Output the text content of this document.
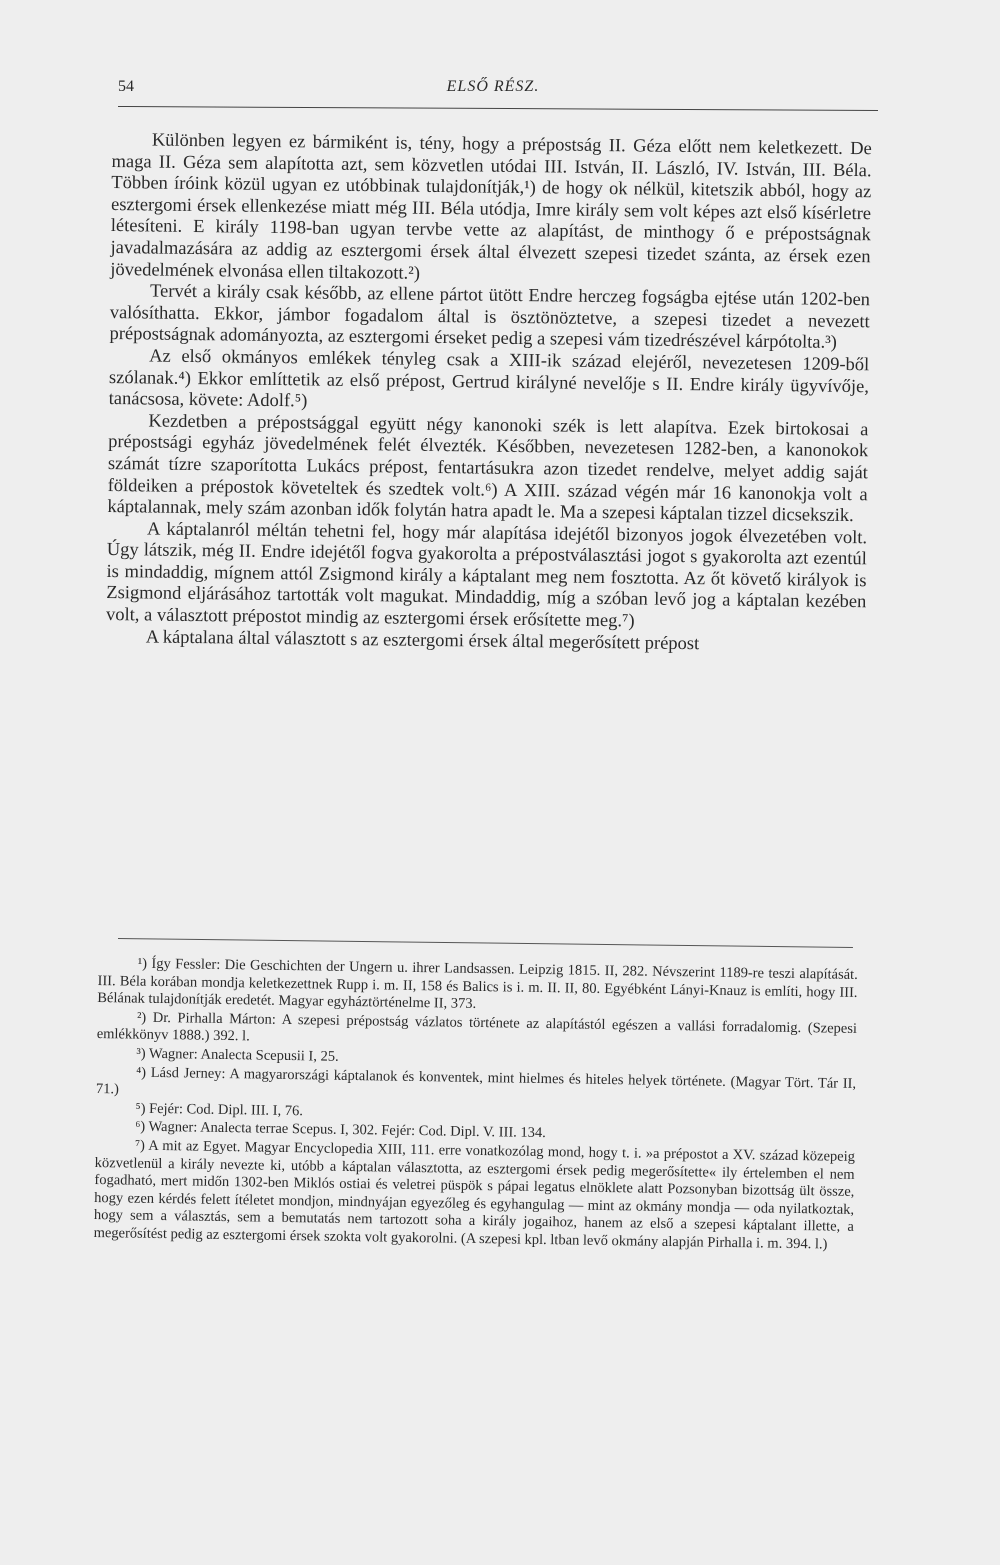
54	ELSŐ RÉSZ.

Különben legyen ez bármiként is, tény, hogy a prépostság II. Géza előtt nem keletkezett. De maga II. Géza sem alapította azt, sem közvetlen utódai III. István, II. László, IV. István, III. Béla. Többen íróink közül ugyan ez utóbbinak tulajdonítják,¹) de hogy ok nélkül, kitetszik abból, hogy az esztergomi érsek ellenkezése miatt még III. Béla utódja, Imre király sem volt képes azt első kísérletre létesíteni. E király 1198-ban ugyan tervbe vette az alapítást, de minthogy ő e prépostságnak javadalmazására az addig az esztergomi érsek által élvezett szepesi tizedet szánta, az érsek ezen jövedelmének elvonása ellen tiltakozott.²)

Tervét a király csak később, az ellene pártot ütött Endre herczeg fogságba ejtése után 1202-ben valósíthatta. Ekkor, jámbor fogadalom által is ösztönöztetve, a szepesi tizedet a nevezett prépostságnak adományozta, az esztergomi érseket pedig a szepesi vám tizedrészével kárpótolta.³)

Az első okmányos emlékek tényleg csak a XIII-ik század elejéről, nevezetesen 1209-ből szólanak.⁴) Ekkor említtetik az első prépost, Gertrud királyné nevelője s II. Endre király ügyvívője, tanácsosa, követe: Adolf.⁵)

Kezdetben a prépostsággal együtt négy kanonoki szék is lett alapítva. Ezek birtokosai a prépostsági egyház jövedelmének felét élvezték. Későbben, nevezetesen 1282-ben, a kanonokok számát tízre szaporította Lukács prépost, fentartásukra azon tizedet rendelve, melyet addig saját földeiken a prépostok követeltek és szedtek volt.⁶) A XIII. század végén már 16 kanonokja volt a káptalannak, mely szám azonban idők folytán hatra apadt le. Ma a szepesi káptalan tizzel dicsekszik.

A káptalanról méltán tehetni fel, hogy már alapítása idejétől bizonyos jogok élvezetében volt. Úgy látszik, még II. Endre idejétől fogva gyakorolta a prépostválasztási jogot s gyakorolta azt ezentúl is mindaddig, mígnem attól Zsigmond király a káptalant meg nem fosztotta. Az őt követő királyok is Zsigmond eljárásához tartották volt magukat. Mindaddig, míg a szóban levő jog a káptalan kezében volt, a választott prépostot mindig az esztergomi érsek erősítette meg.⁷)

A káptalana által választott s az esztergomi érsek által megerősített prépost

¹) Így Fessler: Die Geschichten der Ungern u. ihrer Landsassen. Leipzig 1815. II, 282. Névszerint 1189-re teszi alapítását. III. Béla korában mondja keletkezettnek Rupp i. m. II, 158 és Balics is i. m. II. II, 80. Egyébként Lányi-Knauz is említi, hogy III. Bélának tulajdonítják eredetét. Magyar egyháztörténelme II, 373.

²) Dr. Pirhalla Márton: A szepesi prépostság vázlatos története az alapítástól egészen a vallási forradalomig. (Szepesi emlékkönyv 1888.) 392. l.

³) Wagner: Analecta Scepusii I, 25.

⁴) Lásd Jerney: A magyarországi káptalanok és konventek, mint hielmes és hiteles helyek története. (Magyar Tört. Tár II, 71.)

⁵) Fejér: Cod. Dipl. III. I, 76.

⁶) Wagner: Analecta terrae Scepus. I, 302. Fejér: Cod. Dipl. V. III. 134.

⁷) A mit az Egyet. Magyar Encyclopedia XIII, 111. erre vonatkozólag mond, hogy t. i. »a prépostot a XV. század közepeig közvetlenül a király nevezte ki, utóbb a káptalan választotta, az esztergomi érsek pedig megerősítette« ily értelemben el nem fogadható, mert midőn 1302-ben Miklós ostiai és veletrei püspök s pápai legatus elnöklete alatt Pozsonyban bizottság ült össze, hogy ezen kérdés felett ítéletet mondjon, mindnyájan egyezőleg és egyhangulag — mint az okmány mondja — oda nyilatkoztak, hogy sem a választás, sem a bemutatás nem tartozott soha a király jogaihoz, hanem az első a szepesi káptalant illette, a megerősítést pedig az esztergomi érsek szokta volt gyakorolni. (A szepesi kpl. ltban levő okmány alapján Pirhalla i. m. 394. l.)
